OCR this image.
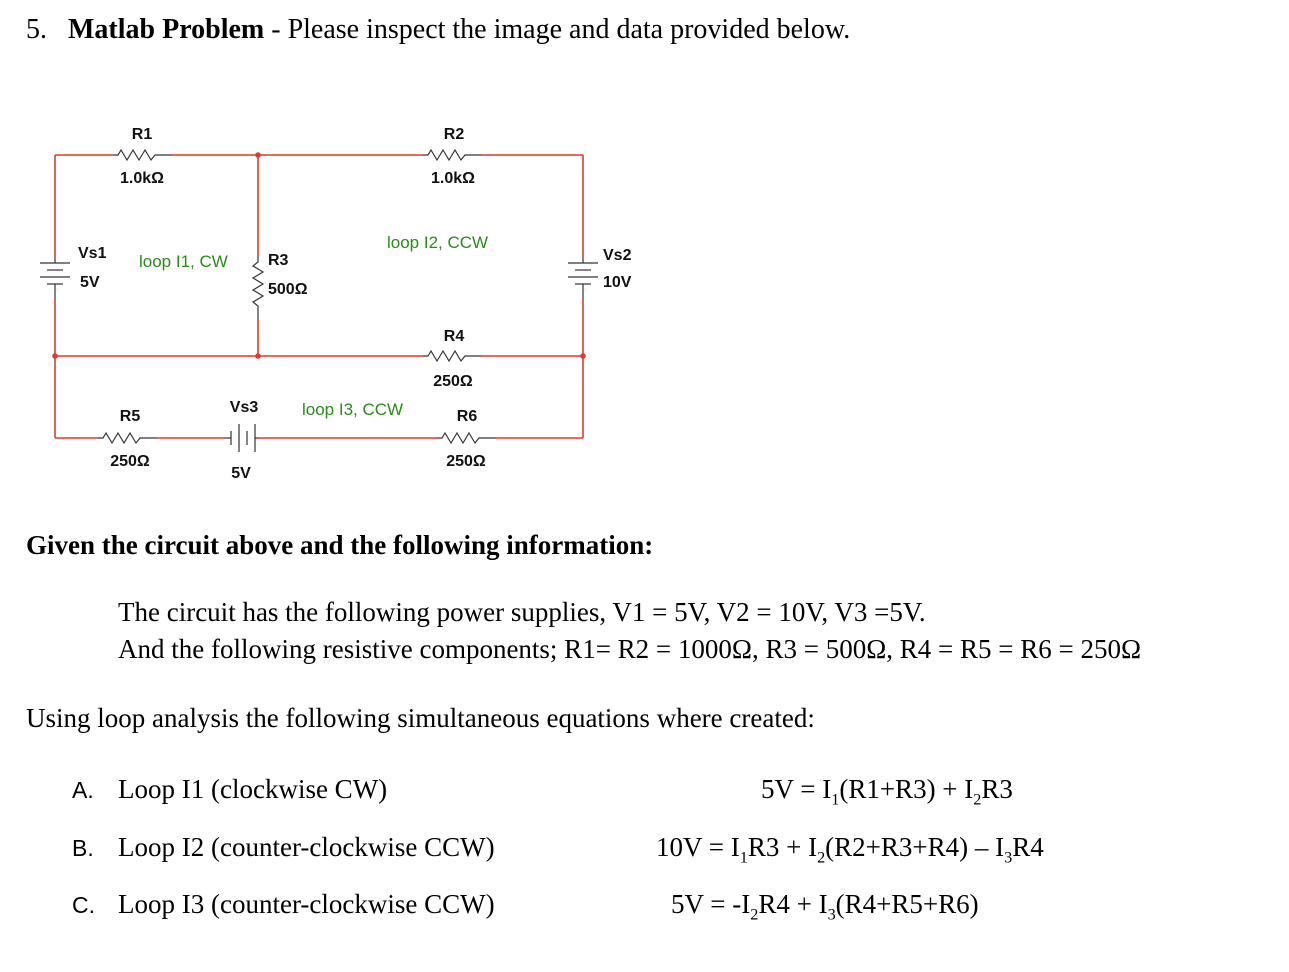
5. Matlab Problem - Please inspect the image and data provided below.
R1
1.0kΩ
R2
1.0kΩ
R3
500Ω
R4
250Ω
R5
250Ω
R6
250Ω
Vs1
5V
Vs2
10V
Vs3
5V
loop I1, CW
loop I2, CCW
loop I3, CCW
Given the circuit above and the following information:
The circuit has the following power supplies, V1 = 5V, V2 = 10V, V3 =5V.
And the following resistive components; R1= R2 = 1000Ω, R3 = 500Ω, R4 = R5 = R6 = 250Ω
Using loop analysis the following simultaneous equations where created:
A. Loop I1 (clockwise CW)	$5V = I_1(R1+R3) + I_2R3$
B. Loop I2 (counter-clockwise CCW)	$10V = I_1R3 + I_2(R2+R3+R4) - I_3R4$
C. Loop I3 (counter-clockwise CCW)	$5V = -I_2R4 + I_3(R4+R5+R6)$
